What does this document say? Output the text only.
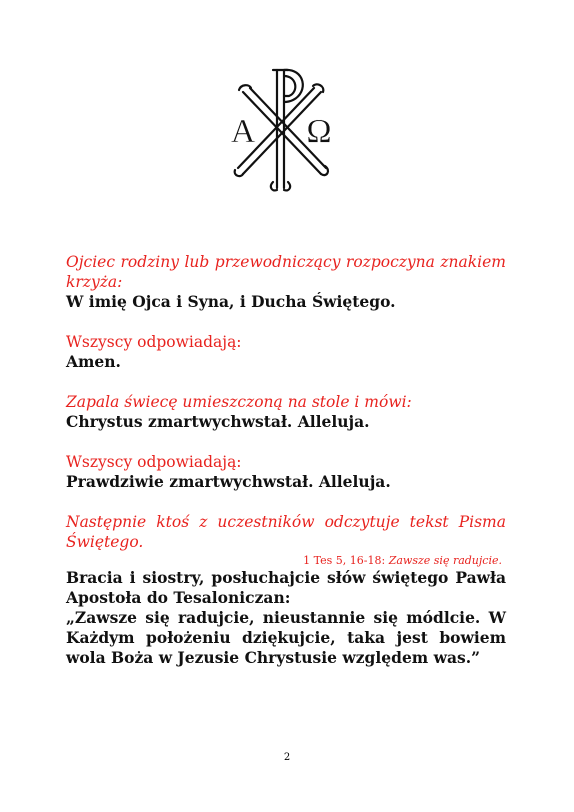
A Ω

Ojciec rodziny lub przewodniczący rozpoczyna znakiem krzyża:

W imię Ojca i Syna, i Ducha Świętego.

Wszyscy odpowiadają:

Amen.

Zapala świecę umieszczoną na stole i mówi:

Chrystus zmartwychwstał. Alleluja.

Wszyscy odpowiadają:

Prawdziwie zmartwychwstał. Alleluja.

Następnie ktoś z uczestników odczytuje tekst Pisma Świętego.

1 Tes 5, 16-18: Zawsze się radujcie.

Bracia i siostry, posłuchajcie słów świętego Pawła Apostoła do Tesaloniczan:

„Zawsze się radujcie, nieustannie się módlcie. W Każdym położeniu dziękujcie, taka jest bowiem wola Boża w Jezusie Chrystusie względem was.”

2
